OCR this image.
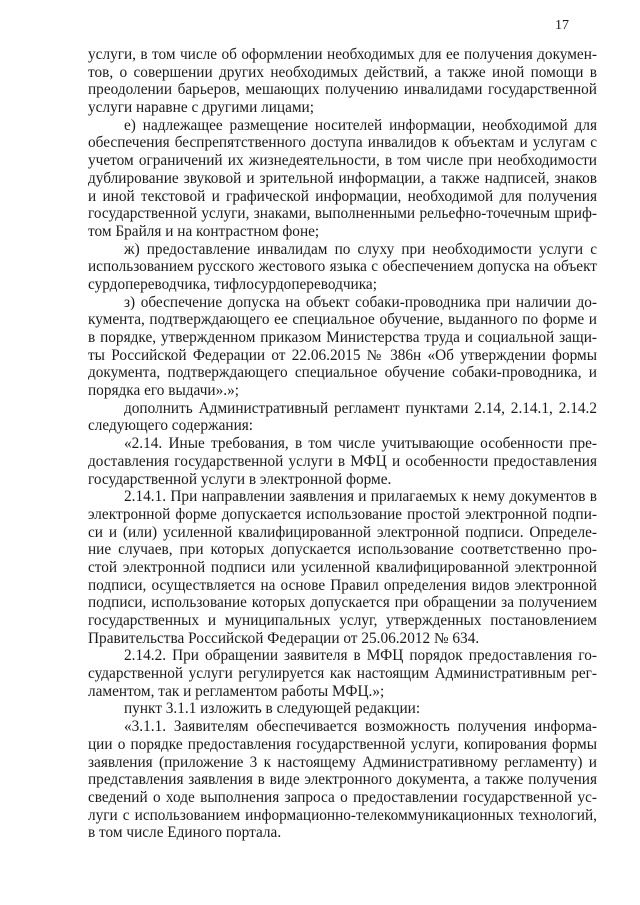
17
услуги, в том числе об оформлении необходимых для ее получения докумен-
тов, о совершении других необходимых действий, а также иной помощи в
преодолении барьеров, мешающих получению инвалидами государственной
услуги наравне с другими лицами;
е) надлежащее размещение носителей информации, необходимой для
обеспечения беспрепятственного доступа инвалидов к объектам и услугам с
учетом ограничений их жизнедеятельности, в том числе при необходимости
дублирование звуковой и зрительной информации, а также надписей, знаков
и иной текстовой и графической информации, необходимой для получения
государственной услуги, знаками, выполненными рельефно-точечным шриф-
том Брайля и на контрастном фоне;
ж) предоставление инвалидам по слуху при необходимости услуги с
использованием русского жестового языка с обеспечением допуска на объект
сурдопереводчика, тифлосурдопереводчика;
з) обеспечение допуска на объект собаки-проводника при наличии до-
кумента, подтверждающего ее специальное обучение, выданного по форме и
в порядке, утвержденном приказом Министерства труда и социальной защи-
ты Российской Федерации от 22.06.2015 № 386н «Об утверждении формы
документа, подтверждающего специальное обучение собаки-проводника, и
порядка его выдачи».»;
дополнить Административный регламент пунктами 2.14, 2.14.1, 2.14.2
следующего содержания:
«2.14. Иные требования, в том числе учитывающие особенности пре-
доставления государственной услуги в МФЦ и особенности предоставления
государственной услуги в электронной форме.
2.14.1. При направлении заявления и прилагаемых к нему документов в
электронной форме допускается использование простой электронной подпи-
си и (или) усиленной квалифицированной электронной подписи. Определе-
ние случаев, при которых допускается использование соответственно про-
стой электронной подписи или усиленной квалифицированной электронной
подписи, осуществляется на основе Правил определения видов электронной
подписи, использование которых допускается при обращении за получением
государственных и муниципальных услуг, утвержденных постановлением
Правительства Российской Федерации от 25.06.2012 № 634.
2.14.2. При обращении заявителя в МФЦ порядок предоставления го-
сударственной услуги регулируется как настоящим Административным рег-
ламентом, так и регламентом работы МФЦ.»;
пункт 3.1.1 изложить в следующей редакции:
«3.1.1. Заявителям обеспечивается возможность получения информа-
ции о порядке предоставления государственной услуги, копирования формы
заявления (приложение 3 к настоящему Административному регламенту) и
представления заявления в виде электронного документа, а также получения
сведений о ходе выполнения запроса о предоставлении государственной ус-
луги с использованием информационно-телекоммуникационных технологий,
в том числе Единого портала.
